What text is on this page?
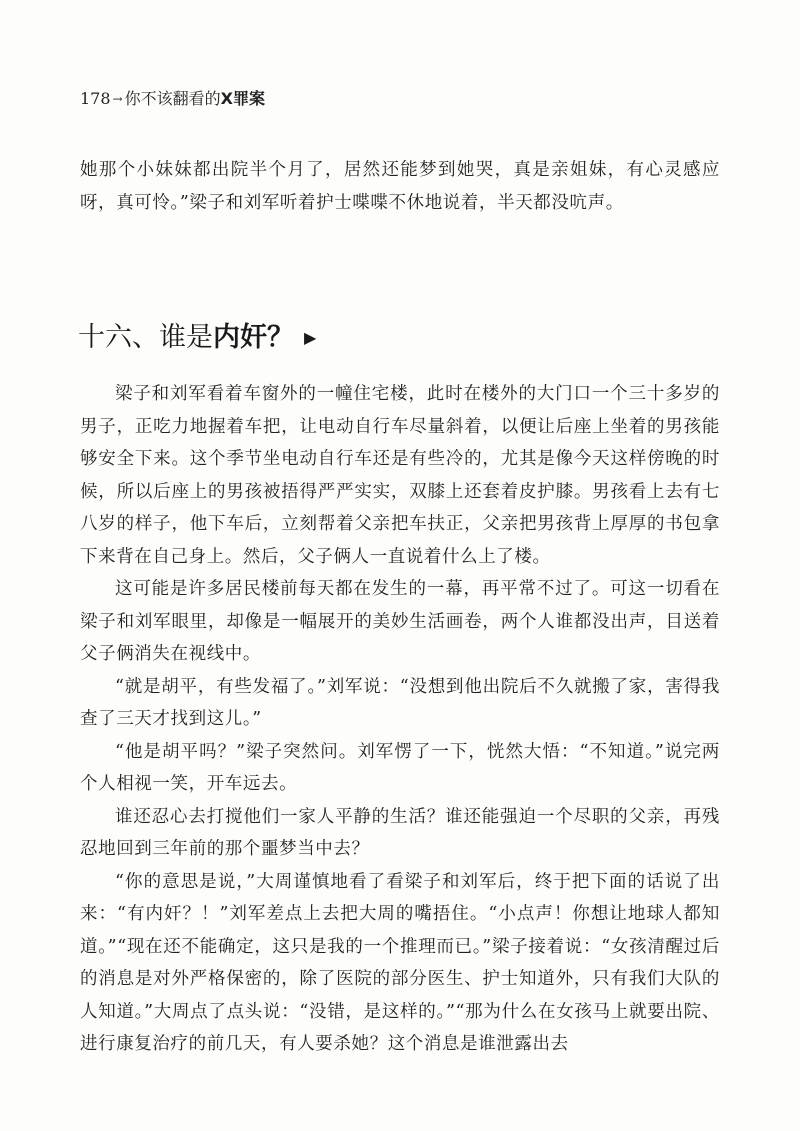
178 → 你不该翻看的X罪案

她那个小妹妹都出院半个月了，居然还能梦到她哭，真是亲姐妹，有心灵感应呀，真可怜。”梁子和刘军听着护士喋喋不休地说着，半天都没吭声。

十六、谁是内奸？ ▶

梁子和刘军看着车窗外的一幢住宅楼，此时在楼外的大门口一个三十多岁的男子，正吃力地握着车把，让电动自行车尽量斜着，以便让后座上坐着的男孩能够安全下来。这个季节坐电动自行车还是有些冷的，尤其是像今天这样傍晚的时候，所以后座上的男孩被捂得严严实实，双膝上还套着皮护膝。男孩看上去有七八岁的样子，他下车后，立刻帮着父亲把车扶正，父亲把男孩背上厚厚的书包拿下来背在自己身上。然后，父子俩人一直说着什么上了楼。

这可能是许多居民楼前每天都在发生的一幕，再平常不过了。可这一切看在梁子和刘军眼里，却像是一幅展开的美妙生活画卷，两个人谁都没出声，目送着父子俩消失在视线中。

“就是胡平，有些发福了。”刘军说：“没想到他出院后不久就搬了家，害得我查了三天才找到这儿。”

“他是胡平吗？”梁子突然问。刘军愣了一下，恍然大悟：“不知道。”说完两个人相视一笑，开车远去。

谁还忍心去打搅他们一家人平静的生活？谁还能强迫一个尽职的父亲，再残忍地回到三年前的那个噩梦当中去？

“你的意思是说，”大周谨慎地看了看梁子和刘军后，终于把下面的话说了出来：“有内奸？！”刘军差点上去把大周的嘴捂住。“小点声！你想让地球人都知道。”“现在还不能确定，这只是我的一个推理而已。”梁子接着说：“女孩清醒过后的消息是对外严格保密的，除了医院的部分医生、护士知道外，只有我们大队的人知道。”大周点了点头说：“没错，是这样的。”“那为什么在女孩马上就要出院、进行康复治疗的前几天，有人要杀她？这个消息是谁泄露出去
